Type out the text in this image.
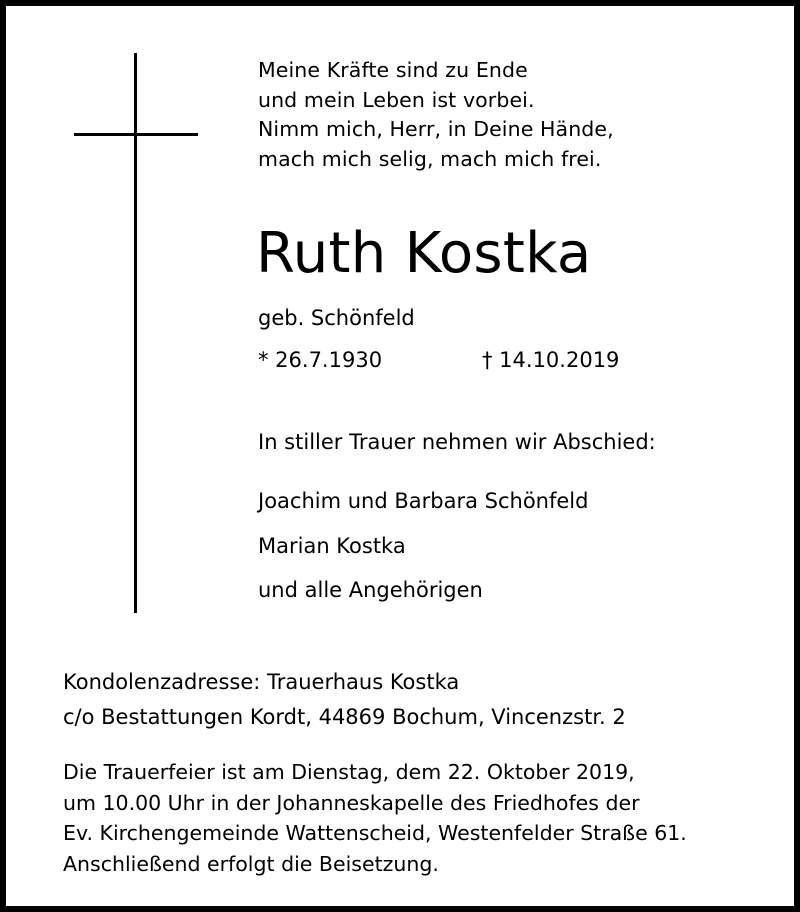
Meine Kräfte sind zu Ende
und mein Leben ist vorbei.
Nimm mich, Herr, in Deine Hände,
mach mich selig, mach mich frei.
Ruth Kostka
geb. Schönfeld
* 26.7.1930	† 14.10.2019
In stiller Trauer nehmen wir Abschied:
Joachim und Barbara Schönfeld
Marian Kostka
und alle Angehörigen
Kondolenzadresse: Trauerhaus Kostka
c/o Bestattungen Kordt, 44869 Bochum, Vincenzstr. 2
Die Trauerfeier ist am Dienstag, dem 22. Oktober 2019,
um 10.00 Uhr in der Johanneskapelle des Friedhofes der
Ev. Kirchengemeinde Wattenscheid, Westenfelder Straße 61.
Anschließend erfolgt die Beisetzung.
